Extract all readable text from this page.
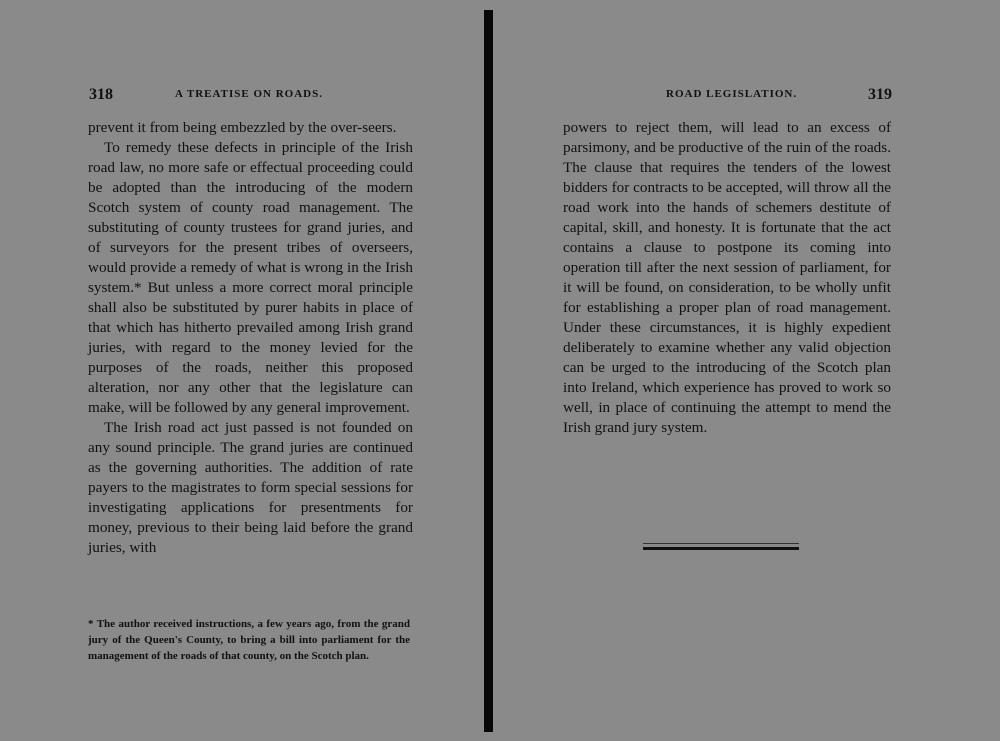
318	A TREATISE ON ROADS.

prevent it from being embezzled by the over-seers.

To remedy these defects in principle of the Irish road law, no more safe or effectual proceeding could be adopted than the introducing of the modern Scotch system of county road management. The substituting of county trustees for grand juries, and of surveyors for the present tribes of overseers, would provide a remedy of what is wrong in the Irish system.* But unless a more correct moral principle shall also be substituted by purer habits in place of that which has hitherto prevailed among Irish grand juries, with regard to the money levied for the purposes of the roads, neither this proposed alteration, nor any other that the legislature can make, will be followed by any general improvement.

The Irish road act just passed is not founded on any sound principle. The grand juries are continued as the governing authorities. The addition of rate payers to the magistrates to form special sessions for investigating applications for presentments for money, previous to their being laid before the grand juries, with

* The author received instructions, a few years ago, from the grand jury of the Queen's County, to bring a bill into parliament for the management of the roads of that county, on the Scotch plan.
ROAD LEGISLATION.	319

powers to reject them, will lead to an excess of parsimony, and be productive of the ruin of the roads. The clause that requires the tenders of the lowest bidders for contracts to be accepted, will throw all the road work into the hands of schemers destitute of capital, skill, and honesty. It is fortunate that the act contains a clause to postpone its coming into operation till after the next session of parliament, for it will be found, on consideration, to be wholly unfit for establishing a proper plan of road management. Under these circumstances, it is highly expedient deliberately to examine whether any valid objection can be urged to the introducing of the Scotch plan into Ireland, which experience has proved to work so well, in place of continuing the attempt to mend the Irish grand jury system.
